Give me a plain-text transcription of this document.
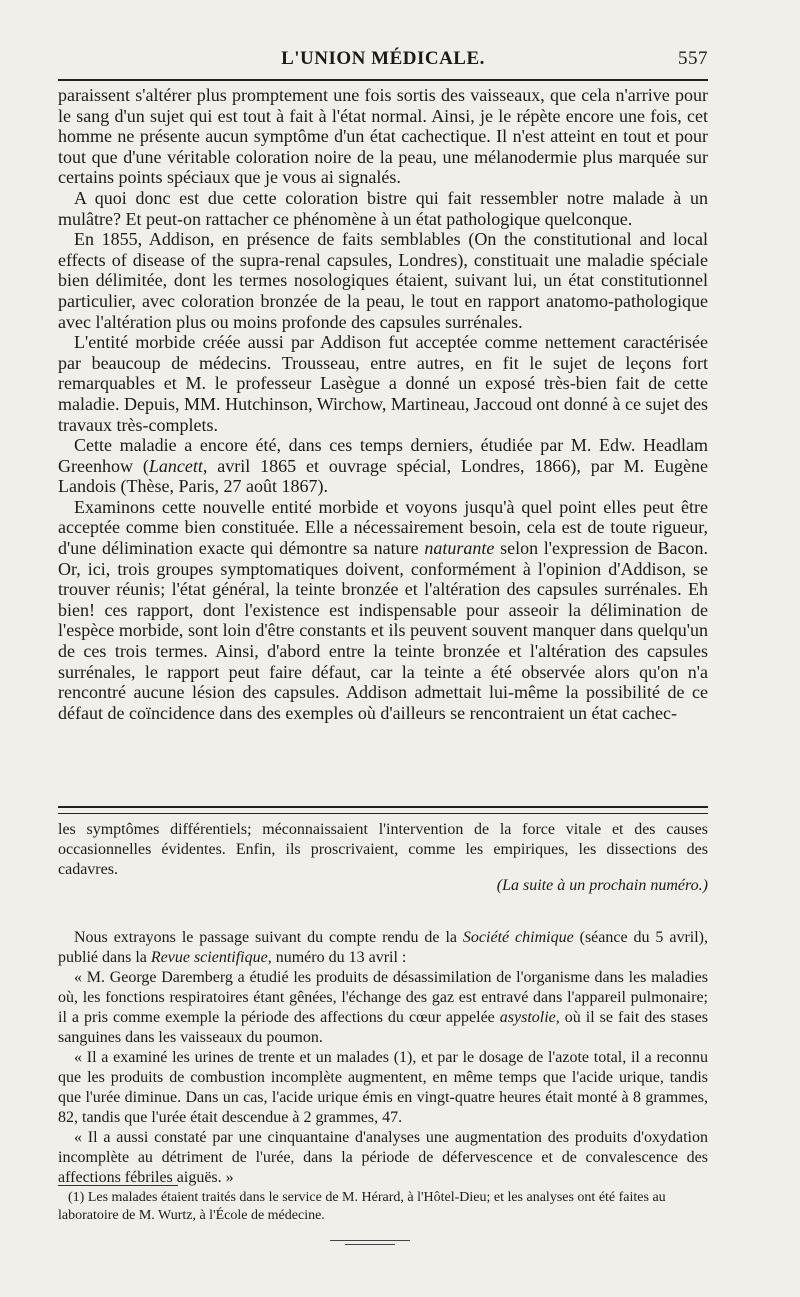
L'UNION MÉDICALE.	557

paraissent s'altérer plus promptement une fois sortis des vaisseaux, que cela n'arrive pour le sang d'un sujet qui est tout à fait à l'état normal. Ainsi, je le répète encore une fois, cet homme ne présente aucun symptôme d'un état cachectique. Il n'est atteint en tout et pour tout que d'une véritable coloration noire de la peau, une mélanodermie plus marquée sur certains points spéciaux que je vous ai signalés.

A quoi donc est due cette coloration bistre qui fait ressembler notre malade à un mulâtre? Et peut-on rattacher ce phénomène à un état pathologique quelconque.

En 1855, Addison, en présence de faits semblables (On the constitutional and local effects of disease of the supra-renal capsules, Londres), constituait une maladie spéciale bien délimitée, dont les termes nosologiques étaient, suivant lui, un état constitutionnel particulier, avec coloration bronzée de la peau, le tout en rapport anatomo-pathologique avec l'altération plus ou moins profonde des capsules surrénales.

L'entité morbide créée aussi par Addison fut acceptée comme nettement caractérisée par beaucoup de médecins. Trousseau, entre autres, en fit le sujet de leçons fort remarquables et M. le professeur Lasègue a donné un exposé très-bien fait de cette maladie. Depuis, MM. Hutchinson, Wirchow, Martineau, Jaccoud ont donné à ce sujet des travaux très-complets.

Cette maladie a encore été, dans ces temps derniers, étudiée par M. Edw. Headlam Greenhow (Lancett, avril 1865 et ouvrage spécial, Londres, 1866), par M. Eugène Landois (Thèse, Paris, 27 août 1867).

Examinons cette nouvelle entité morbide et voyons jusqu'à quel point elles peut être acceptée comme bien constituée. Elle a nécessairement besoin, cela est de toute rigueur, d'une délimination exacte qui démontre sa nature naturante selon l'expression de Bacon. Or, ici, trois groupes symptomatiques doivent, conformément à l'opinion d'Addison, se trouver réunis; l'état général, la teinte bronzée et l'altération des capsules surrénales. Eh bien! ces rapport, dont l'existence est indispensable pour asseoir la délimination de l'espèce morbide, sont loin d'être constants et ils peuvent souvent manquer dans quelqu'un de ces trois termes. Ainsi, d'abord entre la teinte bronzée et l'altération des capsules surrénales, le rapport peut faire défaut, car la teinte a été observée alors qu'on n'a rencontré aucune lésion des capsules. Addison admettait lui-même la possibilité de ce défaut de coïncidence dans des exemples où d'ailleurs se rencontraient un état cachec-

les symptômes différentiels; méconnaissaient l'intervention de la force vitale et des causes occasionnelles évidentes. Enfin, ils proscrivaient, comme les empiriques, les dissections des cadavres.

(La suite à un prochain numéro.)

Nous extrayons le passage suivant du compte rendu de la Société chimique (séance du 5 avril), publié dans la Revue scientifique, numéro du 13 avril :

« M. George Daremberg a étudié les produits de désassimilation de l'organisme dans les maladies où, les fonctions respiratoires étant gênées, l'échange des gaz est entravé dans l'appareil pulmonaire; il a pris comme exemple la période des affections du cœur appelée asystolie, où il se fait des stases sanguines dans les vaisseaux du poumon.

« Il a examiné les urines de trente et un malades (1), et par le dosage de l'azote total, il a reconnu que les produits de combustion incomplète augmentent, en même temps que l'acide urique, tandis que l'urée diminue. Dans un cas, l'acide urique émis en vingt-quatre heures était monté à 8 grammes, 82, tandis que l'urée était descendue à 2 grammes, 47.

« Il a aussi constaté par une cinquantaine d'analyses une augmentation des produits d'oxydation incomplète au détriment de l'urée, dans la période de défervescence et de convalescence des affections fébriles aiguës. »

(1) Les malades étaient traités dans le service de M. Hérard, à l'Hôtel-Dieu; et les analyses ont été faites au laboratoire de M. Wurtz, à l'École de médecine.
